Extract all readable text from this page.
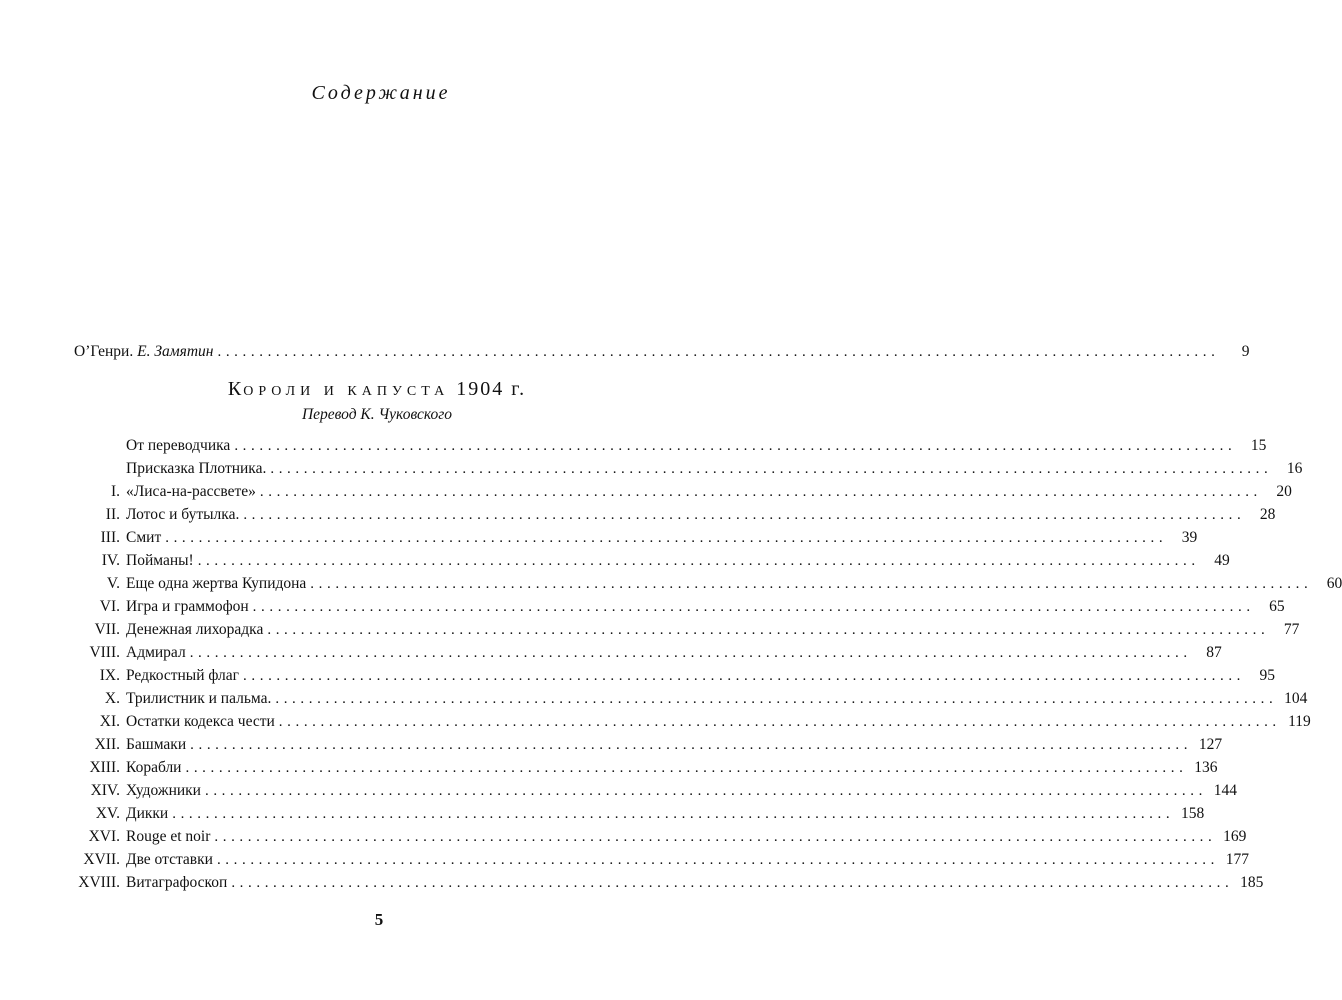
Содержание
О’Генри. Е. Замятин ........................................................................................................................	9
КОРОЛИ И КАПУСТА 1904 г.
Перевод К. Чуковского
От переводчика ........................................................................................................................ 15
Присказка Плотника. ........................................................................................................................ 16
I. «Лиса-на-рассвете» ........................................................................................................................ 20
II. Лотос и бутылка. ........................................................................................................................ 28
III. Смит ........................................................................................................................ 39
IV. Пойманы! ........................................................................................................................ 49
V. Еще одна жертва Купидона ........................................................................................................................ 60
VI. Игра и граммофон ........................................................................................................................ 65
VII. Денежная лихорадка ........................................................................................................................ 77
VIII. Адмирал ........................................................................................................................ 87
IX. Редкостный флаг ........................................................................................................................ 95
X. Трилистник и пальма. ........................................................................................................................ 104
XI. Остатки кодекса чести ........................................................................................................................ 119
XII. Башмаки ........................................................................................................................ 127
XIII. Корабли ........................................................................................................................ 136
XIV. Художники ........................................................................................................................ 144
XV. Дикки ........................................................................................................................ 158
XVI. Rouge et noir ........................................................................................................................ 169
XVII. Две отставки ........................................................................................................................ 177
XVIII. Витаграфоскоп ........................................................................................................................ 185
5
